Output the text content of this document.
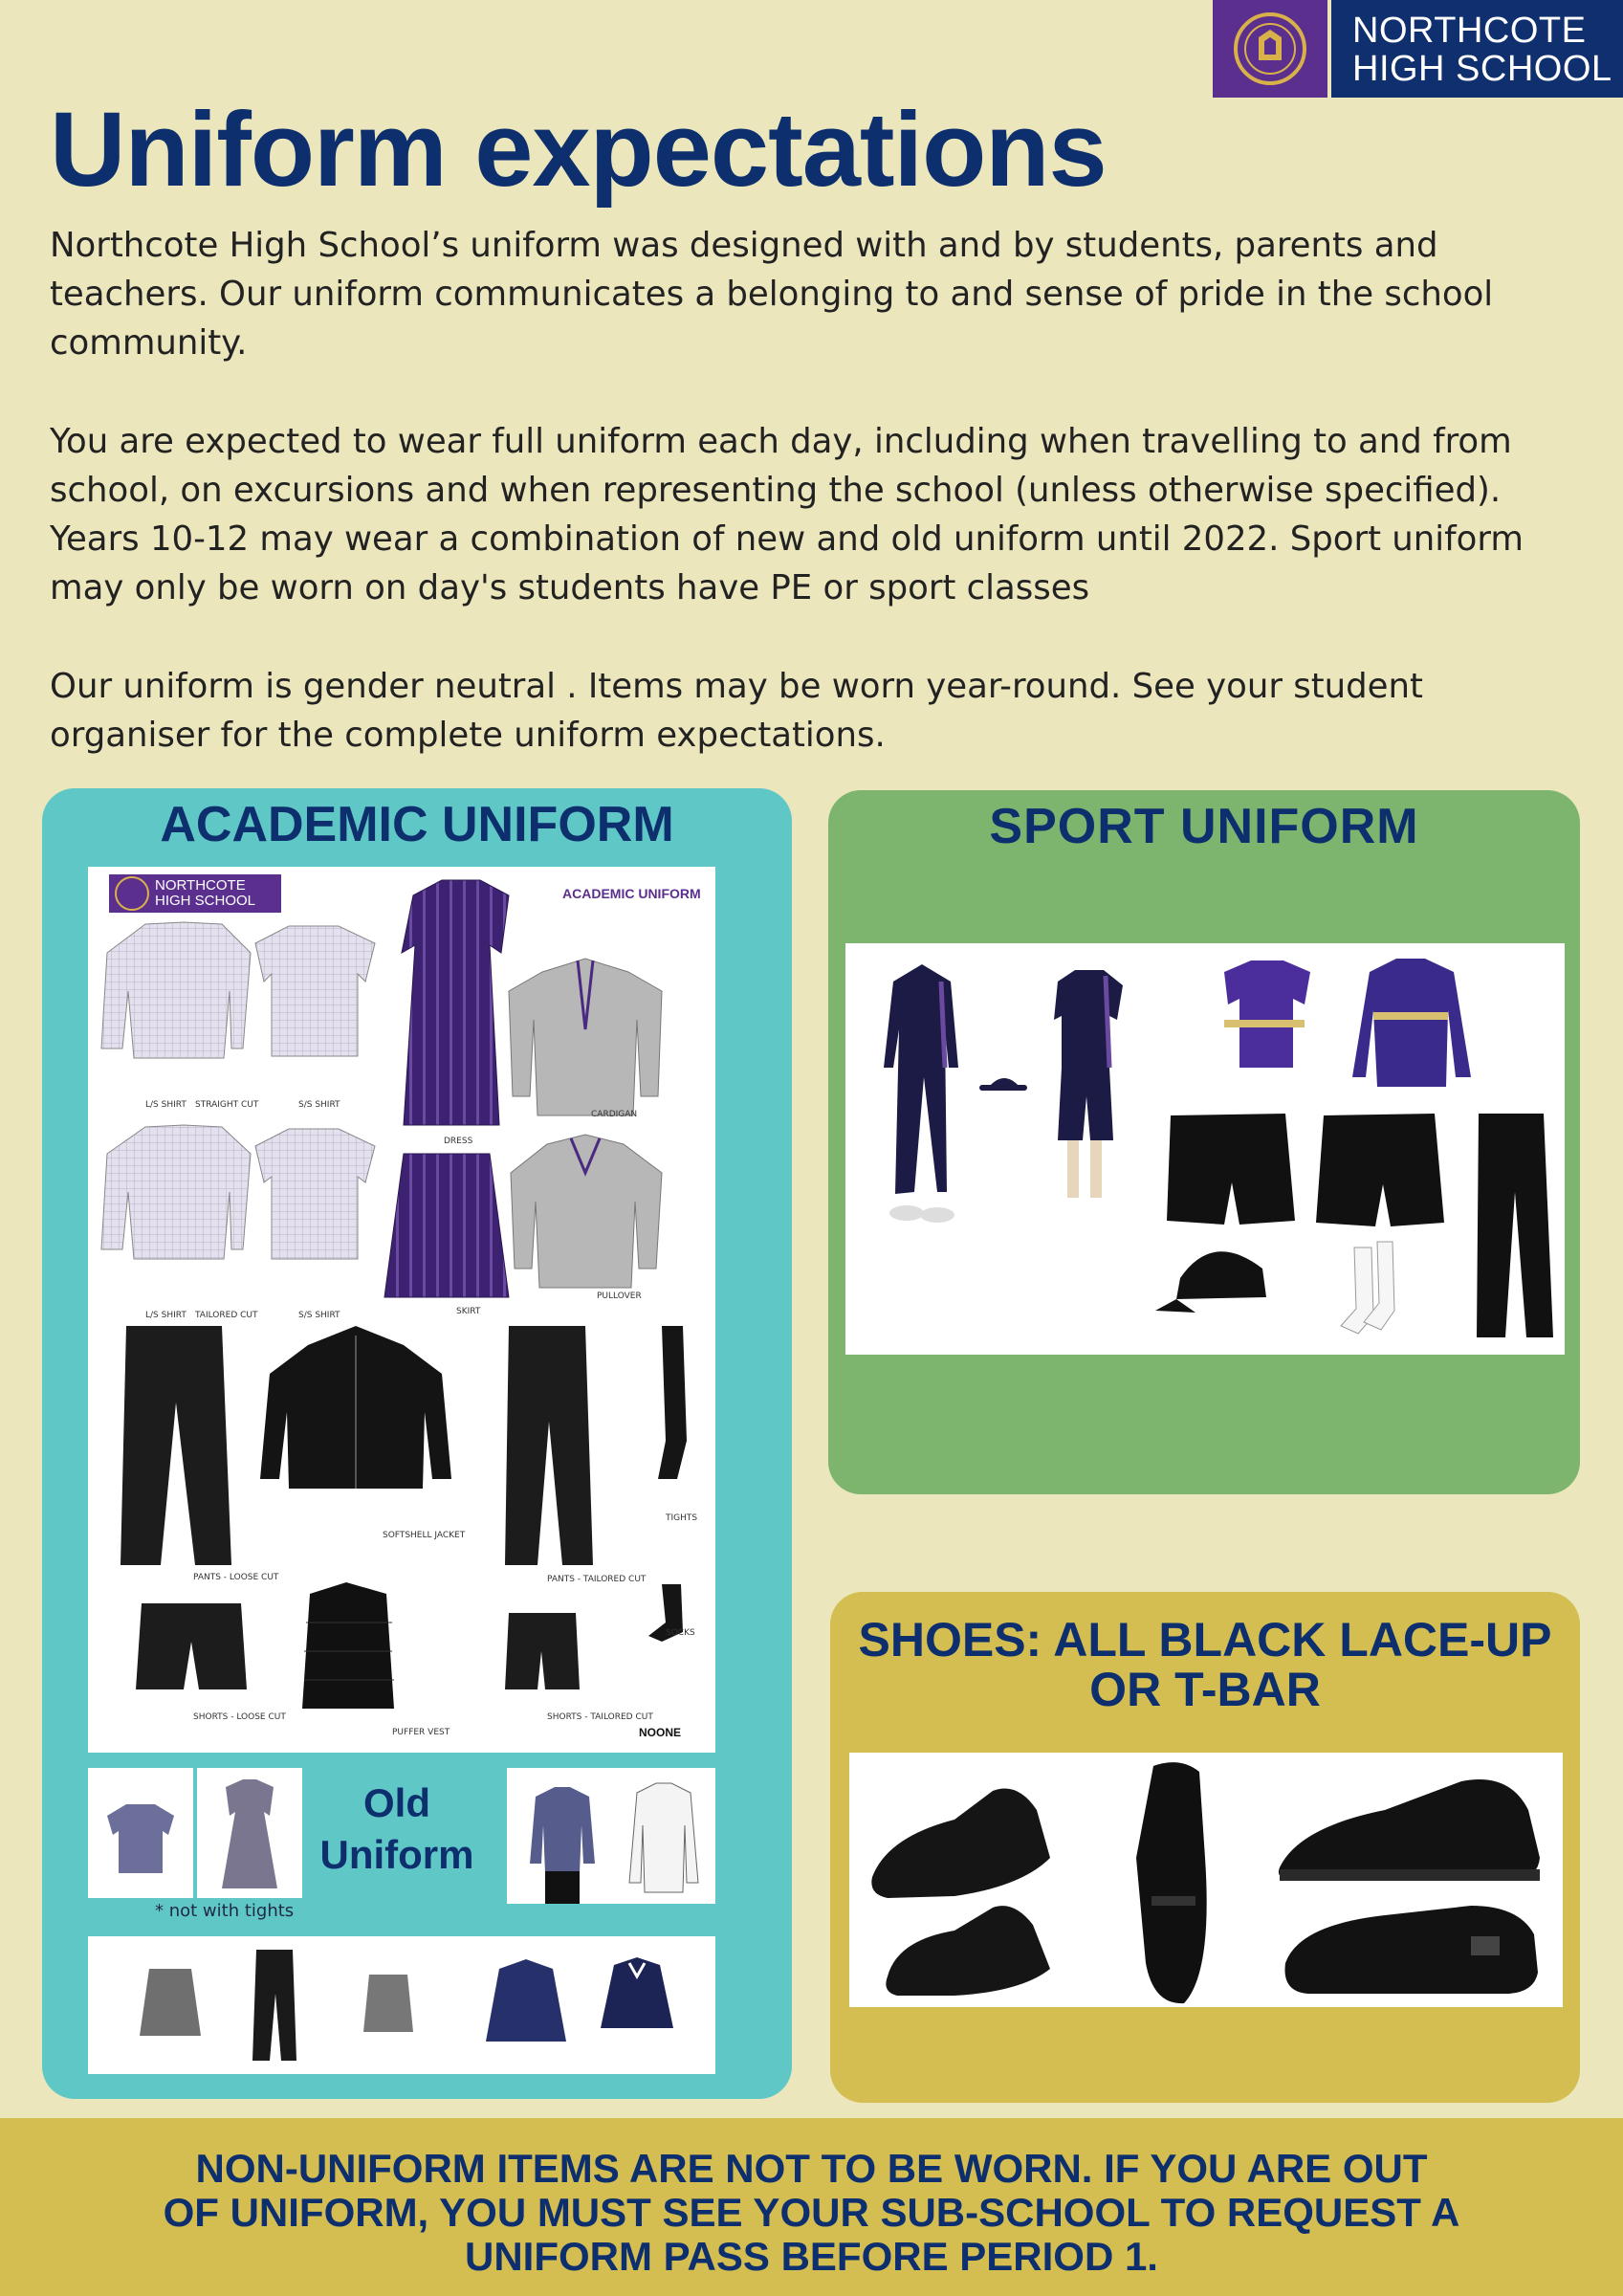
NORTHCOTE
HIGH SCHOOL
Uniform expectations
Northcote High School’s uniform was designed with and by students, parents and teachers. Our uniform communicates a belonging to and sense of pride in the school community.
You are expected to wear full uniform each day, including when travelling to and from school, on excursions and when representing the school (unless otherwise specified). Years 10-12 may wear a combination of new and old uniform until 2022. Sport uniform may only be worn on day's students have PE or sport classes
Our uniform is gender neutral . Items may be worn year-round. See your student organiser for the complete uniform expectations.
ACADEMIC UNIFORM	SPORT UNIFORM
SHOES: ALL BLACK LACE-UP
OR T-BAR
NORTHCOTE
HIGH SCHOOL	ACADEMIC UNIFORM
L/S SHIRT STRAIGHT CUT	S/S SHIRT
DRESS
CARDIGAN
L/S SHIRT TAILORED CUT	S/S SHIRT	SKIRT
PULLOVER
TIGHTS
PANTS - LOOSE CUT
SOFTSHELL JACKET
PANTS - TAILORED CUT
SOCKS
SHORTS - LOOSE CUT
PUFFER VEST
SHORTS - TAILORED CUT
NOONE
Old
Uniform
* not with tights
NON-UNIFORM ITEMS ARE NOT TO BE WORN. IF YOU ARE OUT
OF UNIFORM, YOU MUST SEE YOUR SUB-SCHOOL TO REQUEST A
UNIFORM PASS BEFORE PERIOD 1.
